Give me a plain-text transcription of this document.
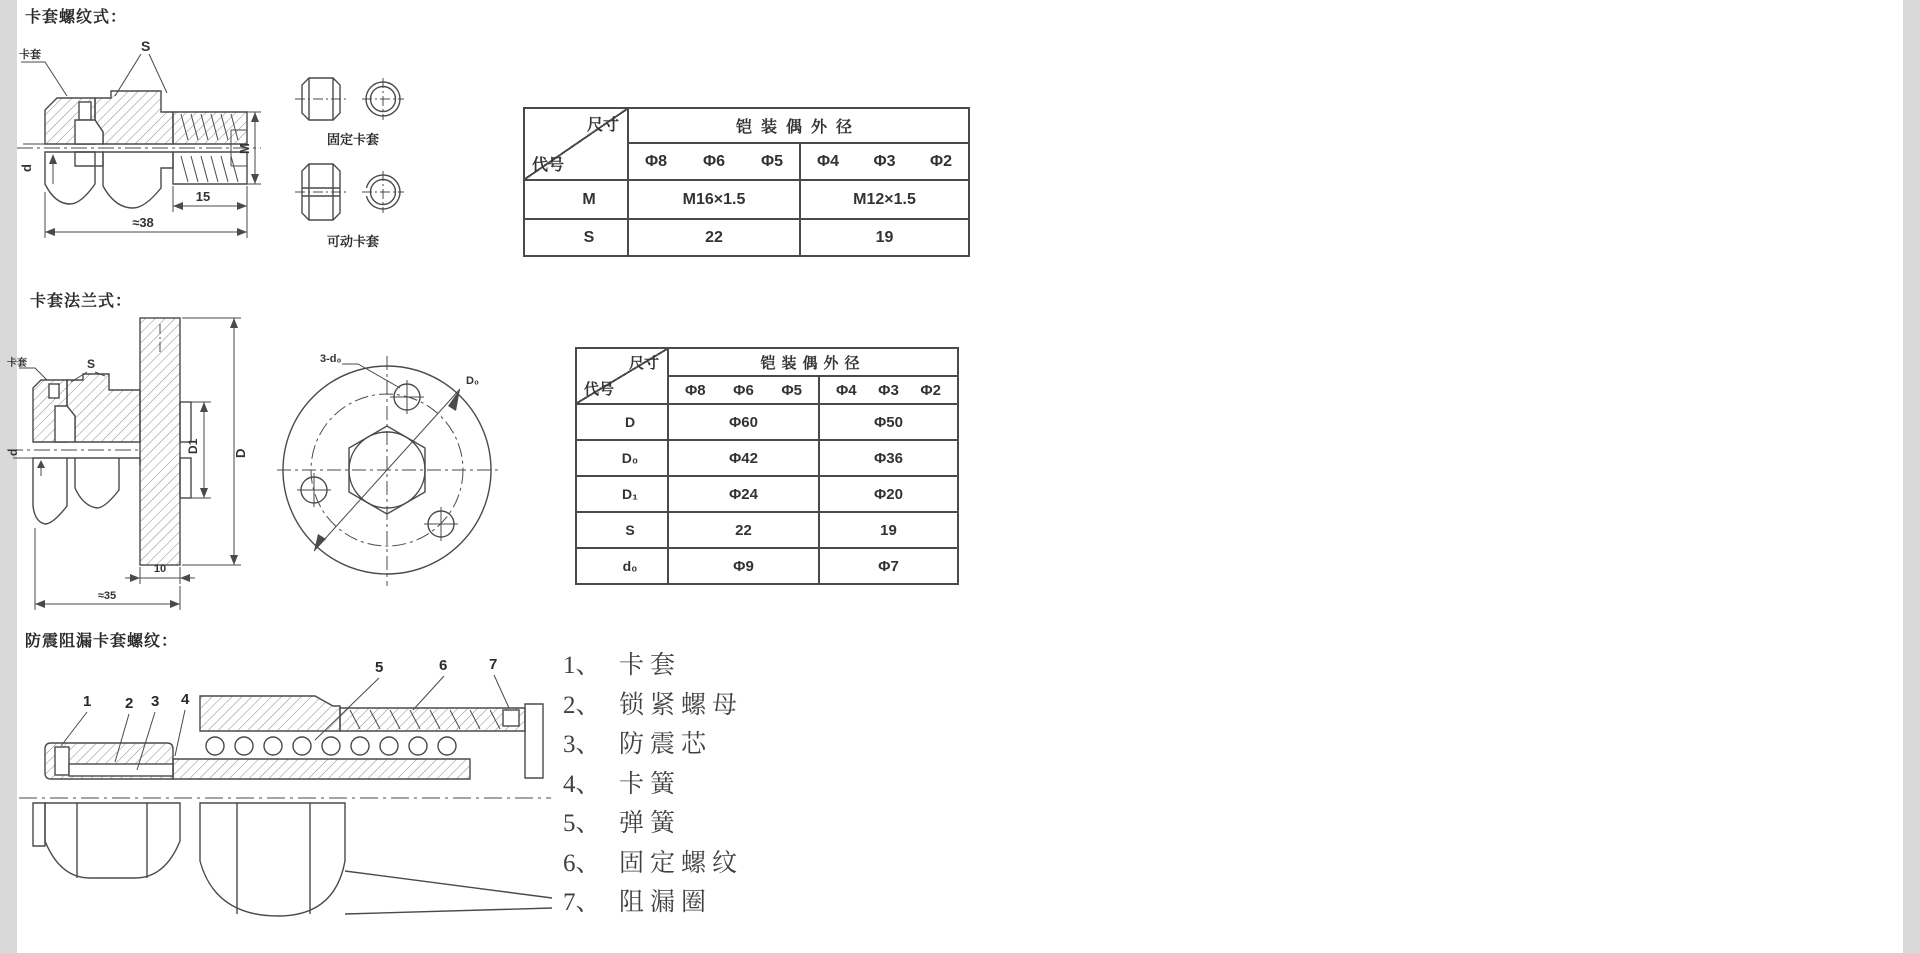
卡套螺纹式：
卡套
S
d
M
15
≈38
固定卡套
可动卡套
尺寸
代号	铠装偶外径	

	Φ8 Φ6 Φ5	Φ4 Φ3 Φ2

M	M16×1.5	M12×1.5
S	22	19
卡套法兰式：
卡套	S
d	D1	D
10
≈35
3-d₀
D₀
尺寸
代号	铠装偶外径	

	Φ8 Φ6 Φ5	Φ4 Φ3 Φ2

D	Φ60	Φ50
D₀	Φ42	Φ36
D₁	Φ24	Φ20
S	22	19
d₀	Φ9	Φ7
防震阻漏卡套螺纹：
1 2 3 4
5	6	7	1、 卡套
2、 锁紧螺母
3、 防震芯
4、 卡簧
5、 弹簧
6、 固定螺纹
7、 阻漏圈
